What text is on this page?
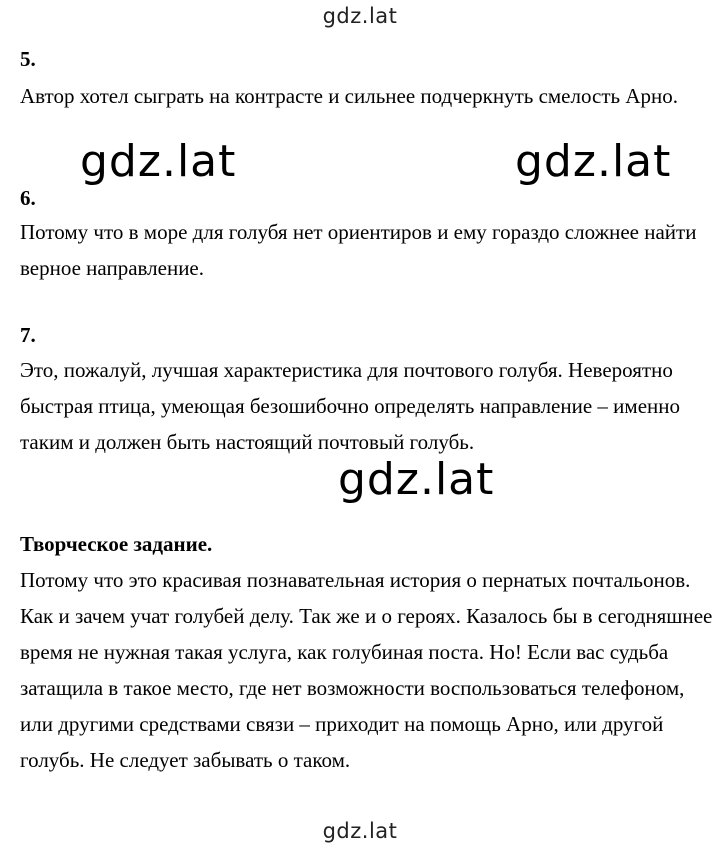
gdz.lat

5.

Автор хотел сыграть на контрасте и сильнее подчеркнуть смелость Арно.

gdz.lat	gdz.lat

6.

Потому что в море для голубя нет ориентиров и ему гораздо сложнее найти верное направление.

7.

Это, пожалуй, лучшая характеристика для почтового голубя. Невероятно быстрая птица, умеющая безошибочно определять направление – именно таким и должен быть настоящий почтовый голубь.

gdz.lat

Творческое задание.

Потому что это красивая познавательная история о пернатых почтальонов. Как и зачем учат голубей делу. Так же и о героях. Казалось бы в сегодняшнее время не нужная такая услуга, как голубиная поста. Но! Если вас судьба затащила в такое место, где нет возможности воспользоваться телефоном, или другими средствами связи – приходит на помощь Арно, или другой голубь. Не следует забывать о таком.

gdz.lat
